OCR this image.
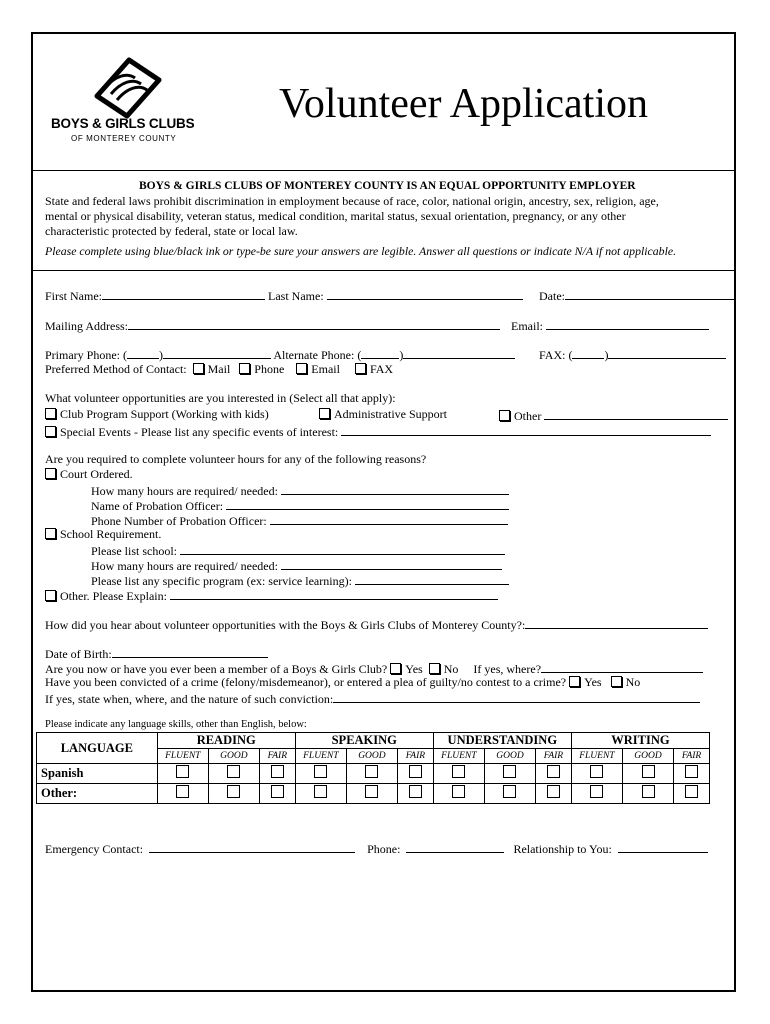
BOYS & GIRLS CLUBS
OF MONTEREY COUNTY
Volunteer Application
BOYS & GIRLS CLUBS OF MONTEREY COUNTY IS AN EQUAL OPPORTUNITY EMPLOYER
State and federal laws prohibit discrimination in employment because of race, color, national origin, ancestry, sex, religion, age,
mental or physical disability, veteran status, medical condition, marital status, sexual orientation, pregnancy, or any other
characteristic protected by federal, state or local law.
Please complete using blue/black ink or type-be sure your answers are legible. Answer all questions or indicate N/A if not applicable.
First Name:	Last Name:	Date:
Mailing Address:	Email:
Primary Phone: (	)	Alternate Phone: (	)	FAX: (	)
Preferred Method of Contact: Mail Phone Email	FAX
What volunteer opportunities are you interested in (Select all that apply):
Club Program Support (Working with kids)	Administrative Support	Other
Special Events - Please list any specific events of interest:
Are you required to complete volunteer hours for any of the following reasons?
Court Ordered.
How many hours are required/ needed:
Name of Probation Officer:
Phone Number of Probation Officer:
School Requirement.
Please list school:
How many hours are required/ needed:
Please list any specific program (ex: service learning):
Other. Please Explain:
How did you hear about volunteer opportunities with the Boys & Girls Clubs of Monterey County?:
Date of Birth:
Are you now or have you ever been a member of a Boys & Girls Club? Yes No If yes, where?
Have you been convicted of a crime (felony/misdemeanor), or entered a plea of guilty/no contest to a crime? Yes No
If yes, state when, where, and the nature of such conviction:
Please indicate any language skills, other than English, below:
LANGUAGE	READING			SPEAKING			UNDERSTANDING			WRITING		
	FLUENT	GOOD	FAIR	FLUENT	GOOD	FAIR	FLUENT	GOOD	FAIR	FLUENT	GOOD	FAIR
Spanish												
Other:												
Emergency Contact:	Phone:	Relationship to You:
